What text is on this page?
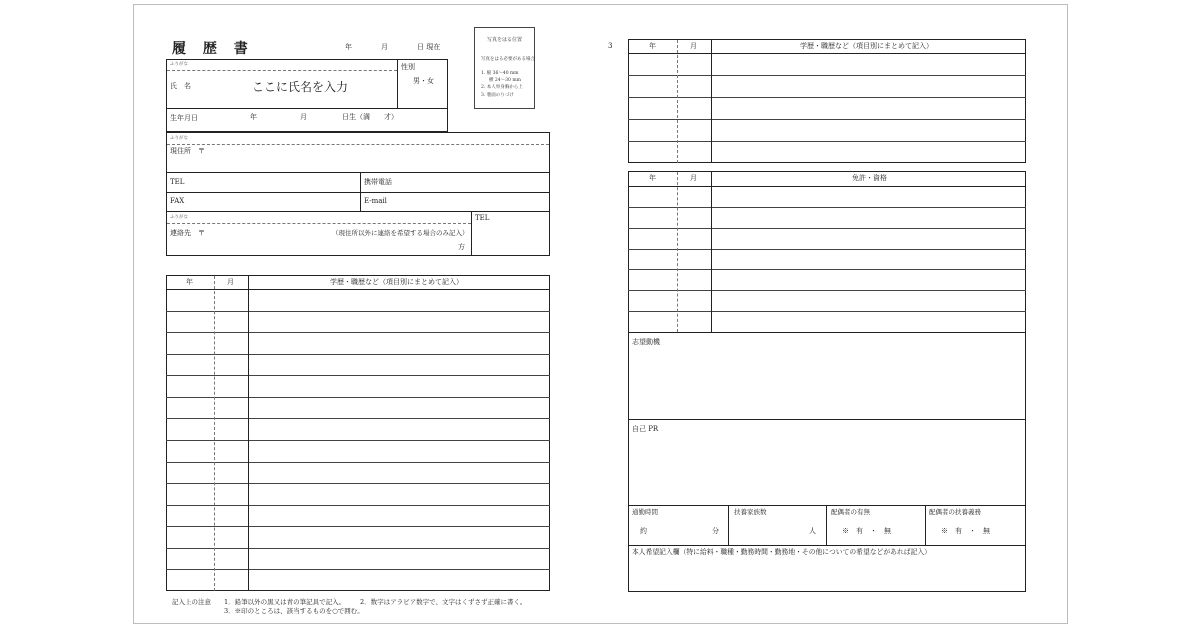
履 歴 書	年	月	日 現在
写真をはる位置
写真をはる必要がある場合
1. 縦 36〜40 mm
横 24〜30 mm
2. 本人単身胸から上
3. 裏面のりづけ
ふりがな
氏　名	ここに氏名を入力
性別
男・女
生年月日	年	月	日生（満　　才）
ふりがな
現住所　〒
TEL	携帯電話
FAX	E-mail
ふりがな
連絡先　〒	（現住所以外に連絡を希望する場合のみ記入）
方
TEL
年	月	学歴・職歴など（項目別にまとめて記入）
記入上の注意 1．鉛筆以外の黒又は青の筆記具で記入。 2．数字はアラビア数字で、文字はくずさず正確に書く。
3．※印のところは、該当するものを○で囲む。
3	年	月	学歴・職歴など（項目別にまとめて記入）
年	月	免許・資格
志望動機
自己 PR
通勤時間
約	分
扶養家族数
人
配偶者の有無
※　有　・　無
配偶者の扶養義務
※　有　・　無
本人希望記入欄（特に給料・職種・勤務時間・勤務地・その他についての希望などがあれば記入）
